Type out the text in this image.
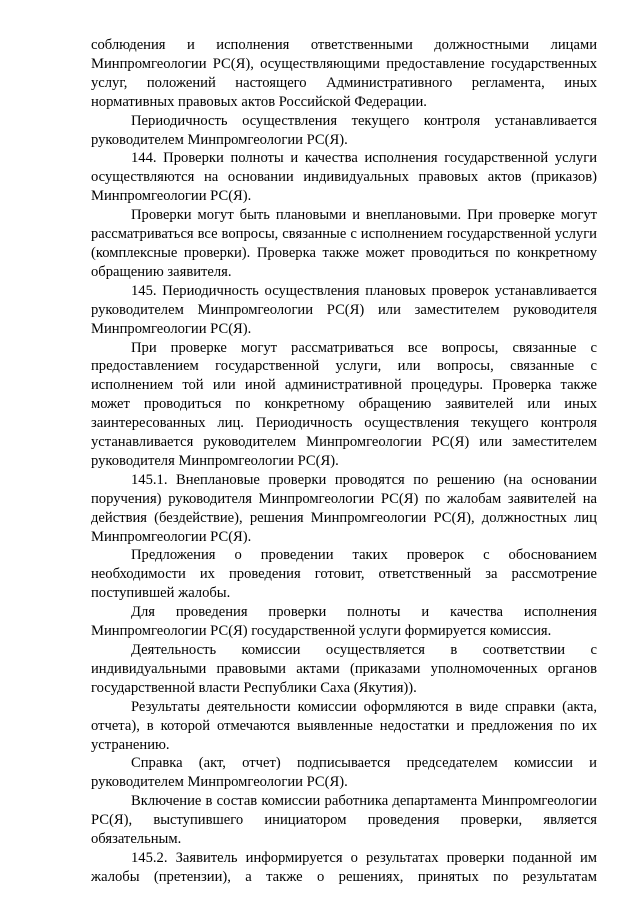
соблюдения и исполнения ответственными должностными лицами Минпромгеологии РС(Я), осуществляющими предоставление государственных услуг, положений настоящего Административного регламента, иных нормативных правовых актов Российской Федерации.

Периодичность осуществления текущего контроля устанавливается руководителем Минпромгеологии РС(Я).

144. Проверки полноты и качества исполнения государственной услуги осуществляются на основании индивидуальных правовых актов (приказов) Минпромгеологии РС(Я).

Проверки могут быть плановыми и внеплановыми. При проверке могут рассматриваться все вопросы, связанные с исполнением государственной услуги (комплексные проверки). Проверка также может проводиться по конкретному обращению заявителя.

145. Периодичность осуществления плановых проверок устанавливается руководителем Минпромгеологии РС(Я) или заместителем руководителя Минпромгеологии РС(Я).

При проверке могут рассматриваться все вопросы, связанные с предоставлением государственной услуги, или вопросы, связанные с исполнением той или иной административной процедуры. Проверка также может проводиться по конкретному обращению заявителей или иных заинтересованных лиц. Периодичность осуществления текущего контроля устанавливается руководителем Минпромгеологии РС(Я) или заместителем руководителя Минпромгеологии РС(Я).

145.1. Внеплановые проверки проводятся по решению (на основании поручения) руководителя Минпромгеологии РС(Я) по жалобам заявителей на действия (бездействие), решения Минпромгеологии РС(Я), должностных лиц Минпромгеологии РС(Я).

Предложения о проведении таких проверок с обоснованием необходимости их проведения готовит, ответственный за рассмотрение поступившей жалобы.

Для проведения проверки полноты и качества исполнения Минпромгеологии РС(Я) государственной услуги формируется комиссия.

Деятельность комиссии осуществляется в соответствии с индивидуальными правовыми актами (приказами уполномоченных органов государственной власти Республики Саха (Якутия)).

Результаты деятельности комиссии оформляются в виде справки (акта, отчета), в которой отмечаются выявленные недостатки и предложения по их устранению.

Справка (акт, отчет) подписывается председателем комиссии и руководителем Минпромгеологии РС(Я).

Включение в состав комиссии работника департамента Минпромгеологии РС(Я), выступившего инициатором проведения проверки, является обязательным.

145.2. Заявитель информируется о результатах проверки поданной им жалобы (претензии), а также о решениях, принятых по результатам
